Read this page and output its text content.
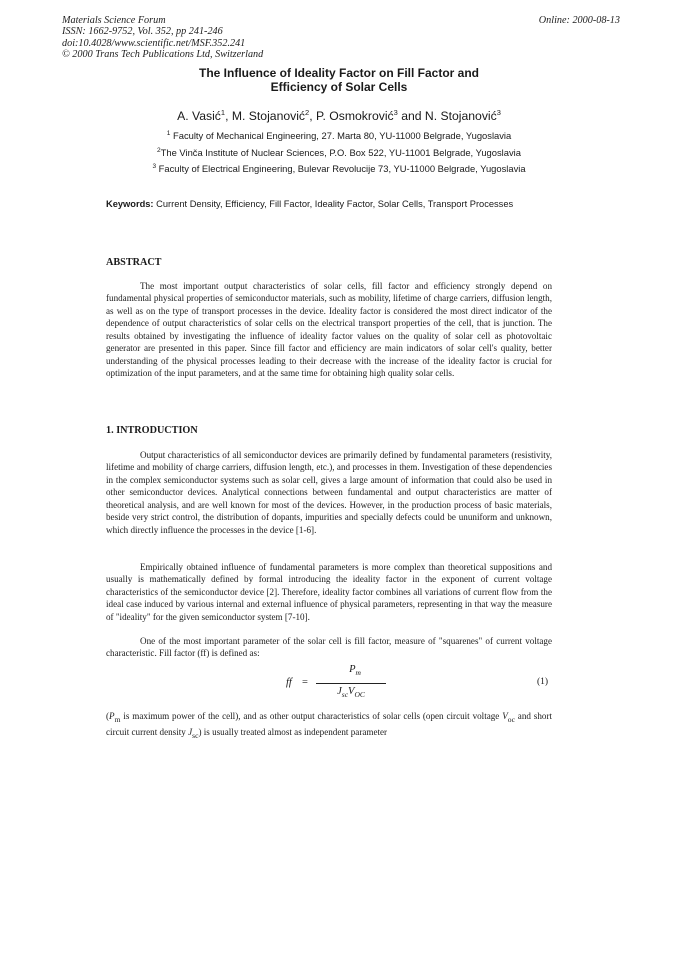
Materials Science Forum
ISSN: 1662-9752, Vol. 352, pp 241-246
doi:10.4028/www.scientific.net/MSF.352.241
© 2000 Trans Tech Publications Ltd, Switzerland
Online: 2000-08-13
The Influence of Ideality Factor on Fill Factor and
Efficiency of Solar Cells
A. Vasić$^1$, M. Stojanović$^2$, P. Osmokrović$^3$ and N. Stojanović$^3$
$^1$ Faculty of Mechanical Engineering, 27. Marta 80, YU-11000 Belgrade, Yugoslavia
$^2$The Vinča Institute of Nuclear Sciences, P.O. Box 522, YU-11001 Belgrade, Yugoslavia
$^3$ Faculty of Electrical Engineering, Bulevar Revolucije 73, YU-11000 Belgrade, Yugoslavia
Keywords: Current Density, Efficiency, Fill Factor, Ideality Factor, Solar Cells, Transport Processes
ABSTRACT
The most important output characteristics of solar cells, fill factor and efficiency strongly depend on fundamental physical properties of semiconductor materials, such as mobility, lifetime of charge carriers, diffusion length, as well as on the type of transport processes in the device. Ideality factor is considered the most direct indicator of the dependence of output characteristics of solar cells on the electrical transport properties of the cell, that is junction. The results obtained by investigating the influence of ideality factor values on the quality of solar cell as photovoltaic generator are presented in this paper. Since fill factor and efficiency are main indicators of solar cell's quality, better understanding of the physical processes leading to their decrease with the increase of the ideality factor is crucial for optimization of the input parameters, and at the same time for obtaining high quality solar cells.
1. INTRODUCTION
Output characteristics of all semiconductor devices are primarily defined by fundamental parameters (resistivity, lifetime and mobility of charge carriers, diffusion length, etc.), and processes in them. Investigation of these dependencies in the complex semiconductor systems such as solar cell, gives a large amount of information that could also be used in other semiconductor devices. Analytical connections between fundamental and output characteristics are matter of theoretical analysis, and are well known for most of the devices. However, in the production process of basic materials, beside very strict control, the distribution of dopants, impurities and specially defects could be ununiform and unknown, which directly influence the processes in the device [1-6].
Empirically obtained influence of fundamental parameters is more complex than theoretical suppositions and usually is mathematically defined by formal introducing the ideality factor in the exponent of current voltage characteristics of the semiconductor device [2]. Therefore, ideality factor combines all variations of current flow from the ideal case induced by various internal and external influence of physical parameters, representing in that way the measure of "ideality" for the given semiconductor system [7-10].
One of the most important parameter of the solar cell is fill factor, measure of "squarenes" of current voltage characteristic. Fill factor (ff) is defined as:
ff =
$P_m$
$J_{sc}V_{OC}$
(1)
($P_m$ is maximum power of the cell), and as other output characteristics of solar cells (open circuit voltage $V_{oc}$ and short circuit current density $J_{sc}$) is usually treated almost as independent parameter
